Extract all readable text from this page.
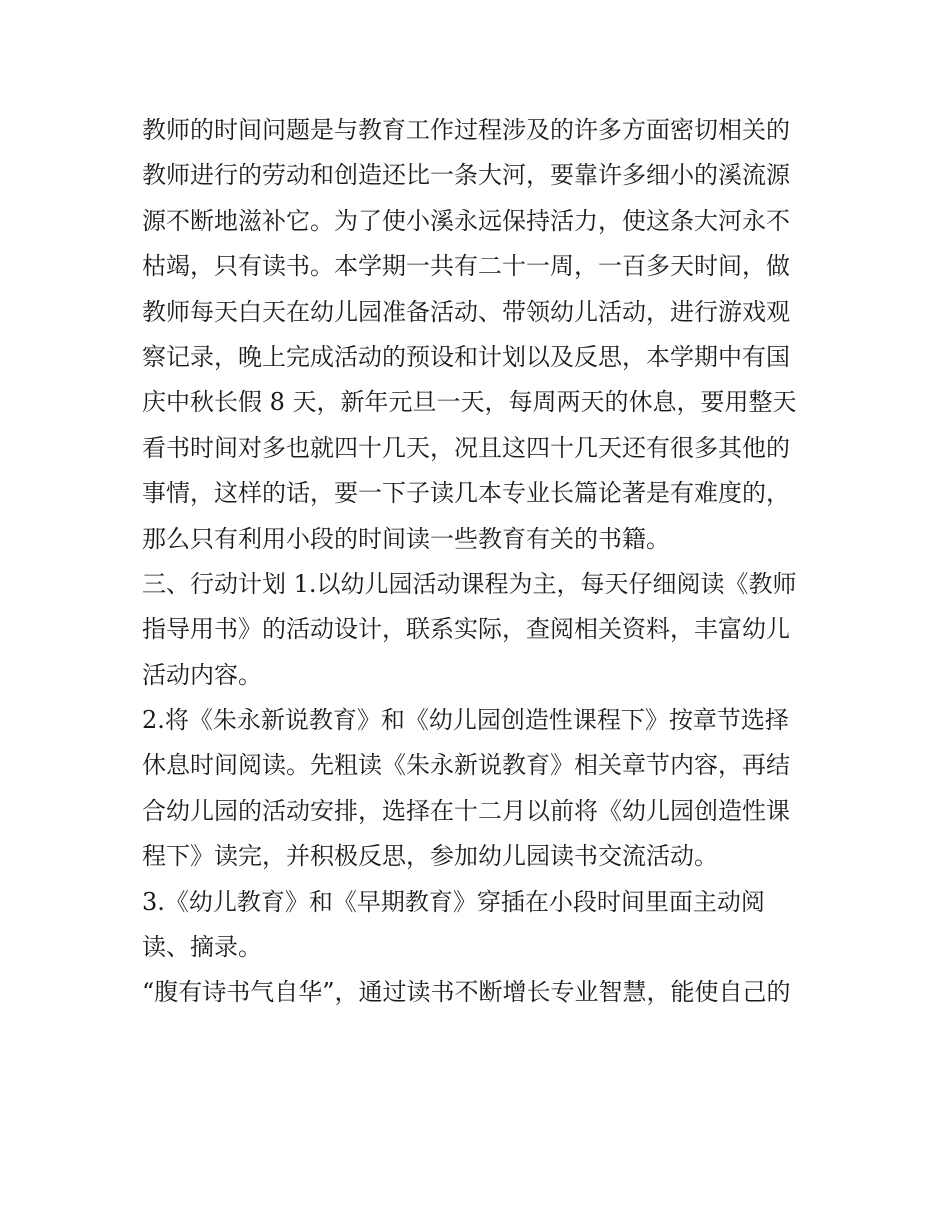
教师的时间问题是与教育工作过程涉及的许多方面密切相关的
教师进行的劳动和创造还比一条大河，要靠许多细小的溪流源
源不断地滋补它。为了使小溪永远保持活力，使这条大河永不
枯竭，只有读书。本学期一共有二十一周，一百多天时间，做
教师每天白天在幼儿园准备活动、带领幼儿活动，进行游戏观
察记录，晚上完成活动的预设和计划以及反思，本学期中有国
庆中秋长假 8 天，新年元旦一天，每周两天的休息，要用整天
看书时间对多也就四十几天，况且这四十几天还有很多其他的
事情，这样的话，要一下子读几本专业长篇论著是有难度的，
那么只有利用小段的时间读一些教育有关的书籍。
三、行动计划 1.以幼儿园活动课程为主，每天仔细阅读《教师
指导用书》的活动设计，联系实际，查阅相关资料，丰富幼儿
活动内容。
2.将《朱永新说教育》和《幼儿园创造性课程下》按章节选择
休息时间阅读。先粗读《朱永新说教育》相关章节内容，再结
合幼儿园的活动安排，选择在十二月以前将《幼儿园创造性课
程下》读完，并积极反思，参加幼儿园读书交流活动。
3.《幼儿教育》和《早期教育》穿插在小段时间里面主动阅
读、摘录。
“腹有诗书气自华”，通过读书不断增长专业智慧，能使自己的
